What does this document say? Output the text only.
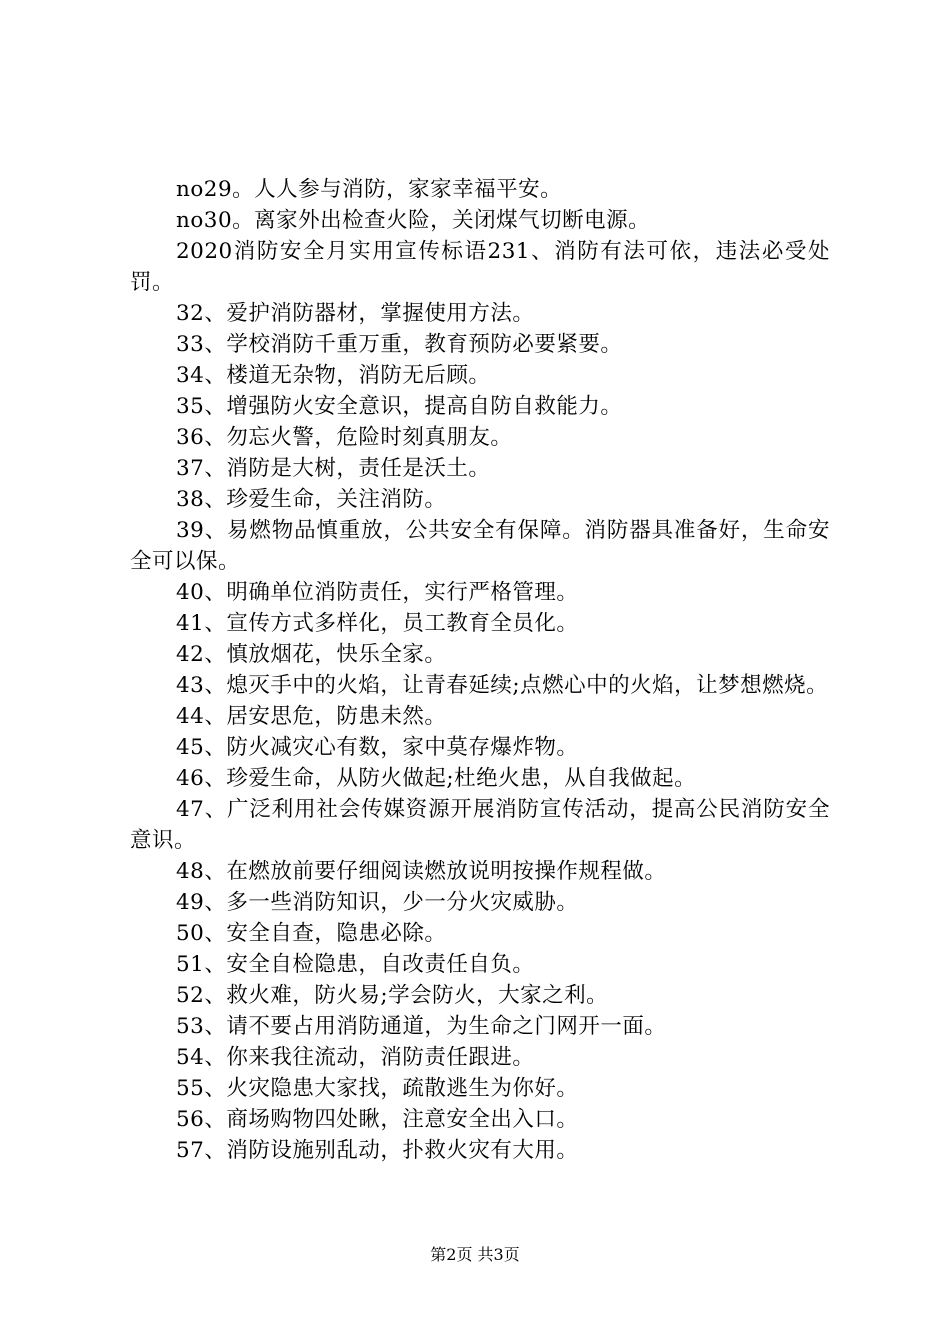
no29。人人参与消防，家家幸福平安。

no30。离家外出检查火险，关闭煤气切断电源。

2020消防安全月实用宣传标语231、消防有法可依，违法必受处罚。

32、爱护消防器材，掌握使用方法。

33、学校消防千重万重，教育预防必要紧要。

34、楼道无杂物，消防无后顾。

35、增强防火安全意识，提高自防自救能力。

36、勿忘火警，危险时刻真朋友。

37、消防是大树，责任是沃土。

38、珍爱生命，关注消防。

39、易燃物品慎重放，公共安全有保障。消防器具准备好，生命安全可以保。

40、明确单位消防责任，实行严格管理。

41、宣传方式多样化，员工教育全员化。

42、慎放烟花，快乐全家。

43、熄灭手中的火焰，让青春延续;点燃心中的火焰，让梦想燃烧。

44、居安思危，防患未然。

45、防火减灾心有数，家中莫存爆炸物。

46、珍爱生命，从防火做起;杜绝火患，从自我做起。

47、广泛利用社会传媒资源开展消防宣传活动，提高公民消防安全意识。

48、在燃放前要仔细阅读燃放说明按操作规程做。

49、多一些消防知识，少一分火灾威胁。

50、安全自查，隐患必除。

51、安全自检隐患，自改责任自负。

52、救火难，防火易;学会防火，大家之利。

53、请不要占用消防通道，为生命之门网开一面。

54、你来我往流动，消防责任跟进。

55、火灾隐患大家找，疏散逃生为你好。

56、商场购物四处瞅，注意安全出入口。

57、消防设施别乱动，扑救火灾有大用。

第2页 共3页
